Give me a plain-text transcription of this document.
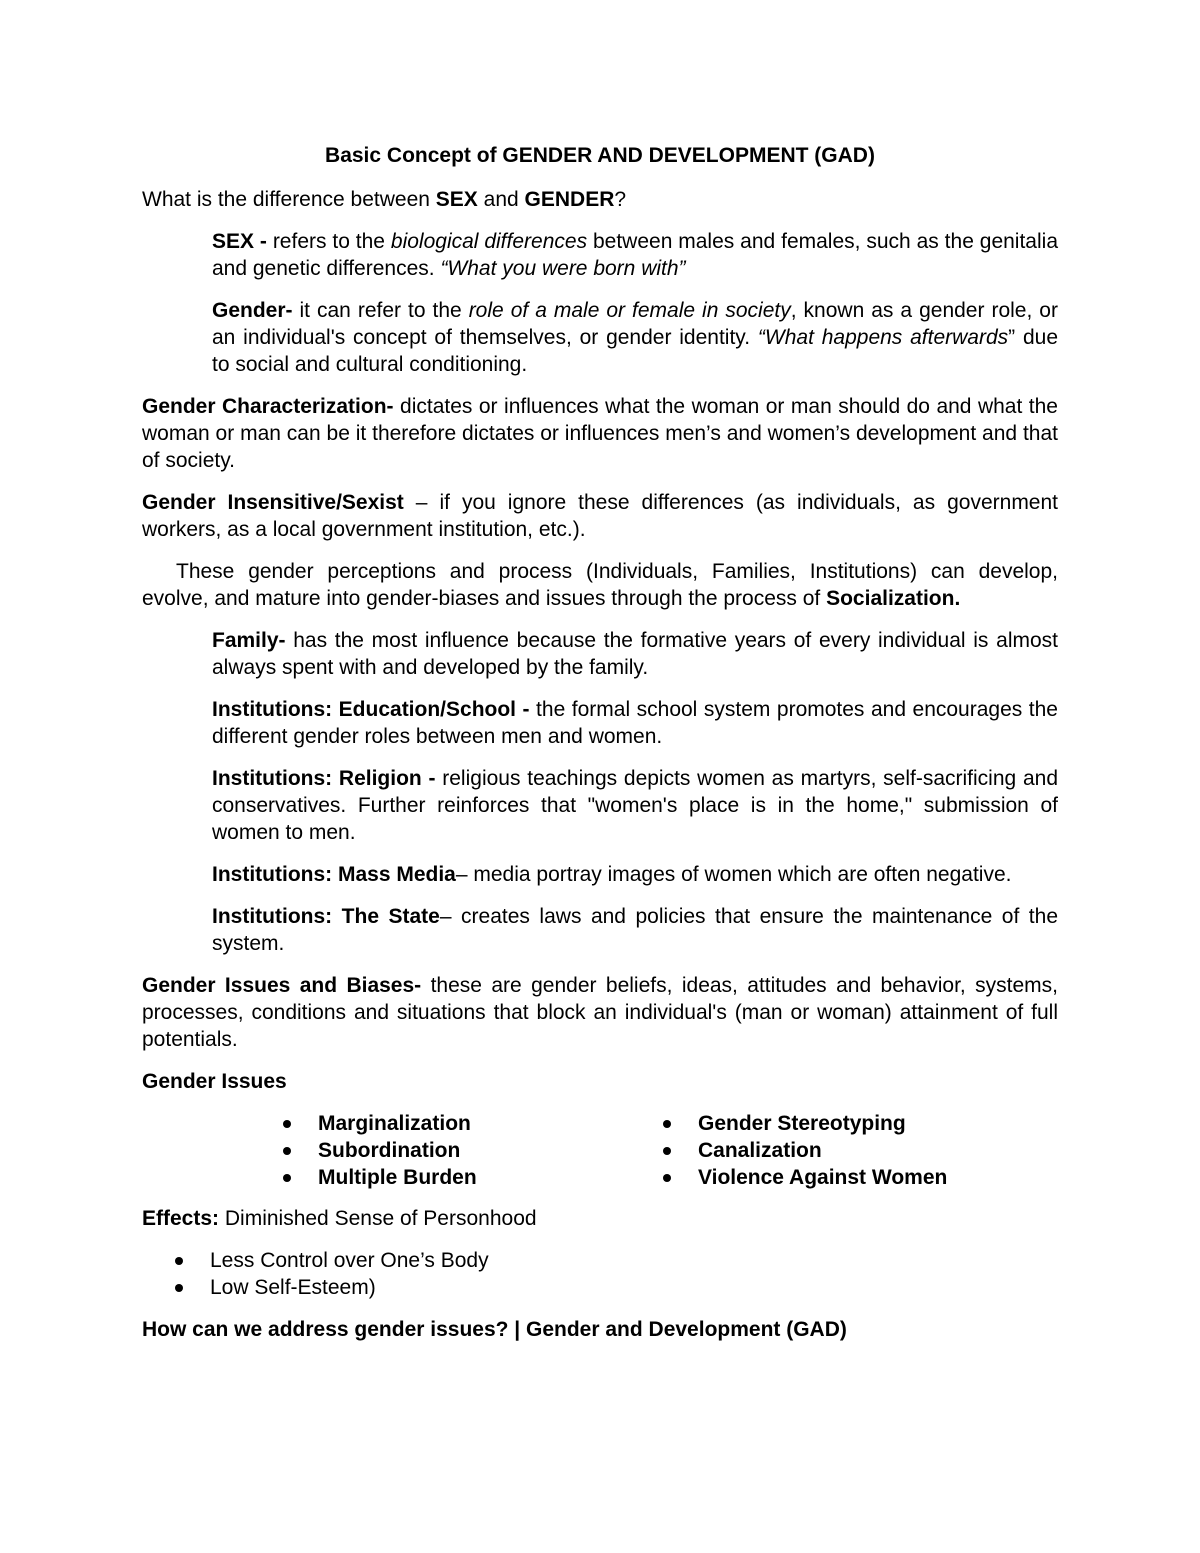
Basic Concept of GENDER AND DEVELOPMENT (GAD)

What is the difference between SEX and GENDER?

SEX - refers to the biological differences between males and females, such as the genitalia and genetic differences. “What you were born with”

Gender- it can refer to the role of a male or female in society, known as a gender role, or an individual's concept of themselves, or gender identity. “What happens afterwards” due to social and cultural conditioning.

Gender Characterization- dictates or influences what the woman or man should do and what the woman or man can be it therefore dictates or influences men’s and women’s development and that of society.

Gender Insensitive/Sexist – if you ignore these differences (as individuals, as government workers, as a local government institution, etc.).

These gender perceptions and process (Individuals, Families, Institutions) can develop, evolve, and mature into gender-biases and issues through the process of Socialization.

Family- has the most influence because the formative years of every individual is almost always spent with and developed by the family.

Institutions: Education/School - the formal school system promotes and encourages the different gender roles between men and women.

Institutions: Religion - religious teachings depicts women as martyrs, self-sacrificing and conservatives. Further reinforces that "women's place is in the home," submission of women to men.

Institutions: Mass Media– media portray images of women which are often negative.

Institutions: The State– creates laws and policies that ensure the maintenance of the system.

Gender Issues and Biases- these are gender beliefs, ideas, attitudes and behavior, systems, processes, conditions and situations that block an individual's (man or woman) attainment of full potentials.

Gender Issues

Marginalization
Subordination
Multiple Burden
Gender Stereotyping
Canalization
Violence Against Women

Effects: Diminished Sense of Personhood

Less Control over One’s Body
Low Self-Esteem)

How can we address gender issues? | Gender and Development (GAD)
